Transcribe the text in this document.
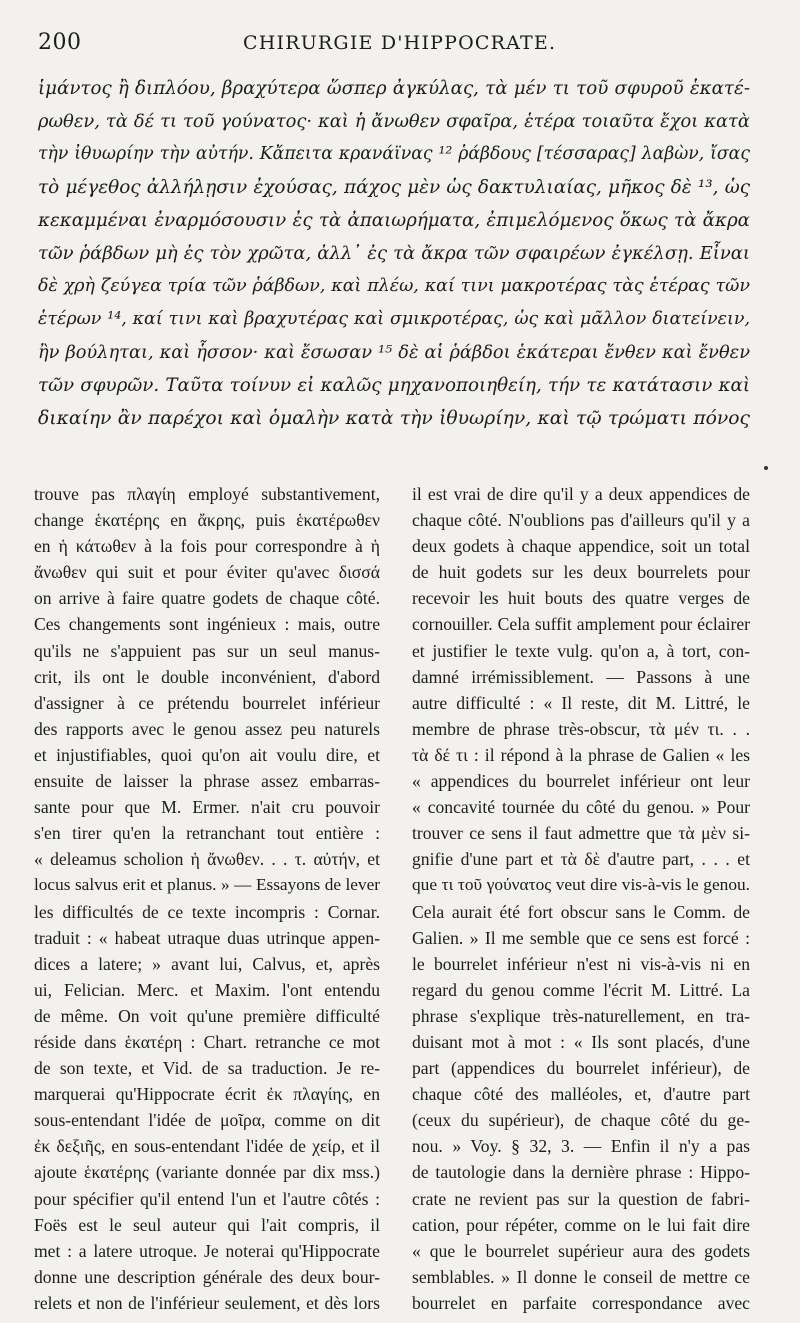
200	CHIRURGIE D'HIPPOCRATE.
ἱμάντος ἢ διπλόου, βραχύτερα ὥσπερ ἀγκύλας, τὰ μέν τι τοῦ σφυροῦ ἑκατέ-
ρωθεν, τὰ δέ τι τοῦ γούνατος· καὶ ἡ ἄνωθεν σφαῖρα, ἑτέρα τοιαῦτα ἔχοι κατὰ
τὴν ἰθυωρίην τὴν αὐτήν. Κἄπειτα κρανάϊνας ¹² ῥάβδους [τέσσαρας] λαβὼν, ἴσας
τὸ μέγεθος ἀλλήλῃσιν ἐχούσας, πάχος μὲν ὡς δακτυλιαίας, μῆκος δὲ ¹³, ὡς
κεκαμμέναι ἐναρμόσουσιν ἐς τὰ ἀπαιωρήματα, ἐπιμελόμενος ὅκως τὰ ἄκρα
τῶν ῥάβδων μὴ ἐς τὸν χρῶτα, ἀλλ᾽ ἐς τὰ ἄκρα τῶν σφαιρέων ἐγκέλσῃ. Εἶναι
δὲ χρὴ ζεύγεα τρία τῶν ῥάβδων, καὶ πλέω, καί τινι μακροτέρας τὰς ἑτέρας τῶν
ἑτέρων ¹⁴, καί τινι καὶ βραχυτέρας καὶ σμικροτέρας, ὡς καὶ μᾶλλον διατείνειν,
ἢν βούληται, καὶ ἧσσον· καὶ ἔσωσαν ¹⁵ δὲ αἱ ῥάβδοι ἑκάτεραι ἔνθεν καὶ ἔνθεν
τῶν σφυρῶν. Ταῦτα τοίνυν εἰ καλῶς μηχανοποιηθείη, τήν τε κατάτασιν καὶ
δικαίην ἂν παρέχοι καὶ ὁμαλὴν κατὰ τὴν ἰθυωρίην, καὶ τῷ τρώματι πόνος
trouve pas πλαγίη employé substantivement,
change ἑκατέρης en ἄκρης, puis ἑκατέρωθεν
en ἡ κάτωθεν à la fois pour correspondre à ἡ
ἄνωθεν qui suit et pour éviter qu'avec δισσά
on arrive à faire quatre godets de chaque côté.
Ces changements sont ingénieux : mais, outre
qu'ils ne s'appuient pas sur un seul manus-
crit, ils ont le double inconvénient, d'abord
d'assigner à ce prétendu bourrelet inférieur
des rapports avec le genou assez peu naturels
et injustifiables, quoi qu'on ait voulu dire, et
ensuite de laisser la phrase assez embarras-
sante pour que M. Ermer. n'ait cru pouvoir
s'en tirer qu'en la retranchant tout entière :
« deleamus scholion ἡ ἄνωθεν. . . τ. αὐτήν, et
locus salvus erit et planus. » — Essayons de lever
les difficultés de ce texte incompris : Cornar.
traduit : « habeat utraque duas utrinque appen-
dices a latere; » avant lui, Calvus, et, après
ui, Felician. Merc. et Maxim. l'ont entendu
de même. On voit qu'une première difficulté
réside dans ἑκατέρη : Chart. retranche ce mot
de son texte, et Vid. de sa traduction. Je re-
marquerai qu'Hippocrate écrit ἐκ πλαγίης, en
sous-entendant l'idée de μοῖρα, comme on dit
ἐκ δεξιῆς, en sous-entendant l'idée de χείρ, et il
ajoute ἑκατέρης (variante donnée par dix mss.)
pour spécifier qu'il entend l'un et l'autre côtés :
Foës est le seul auteur qui l'ait compris, il
met : a latere utroque. Je noterai qu'Hippocrate
donne une description générale des deux bour-
relets et non de l'inférieur seulement, et dès lors
il est vrai de dire qu'il y a deux appendices de
chaque côté. N'oublions pas d'ailleurs qu'il y a
deux godets à chaque appendice, soit un total
de huit godets sur les deux bourrelets pour
recevoir les huit bouts des quatre verges de
cornouiller. Cela suffit amplement pour éclairer
et justifier le texte vulg. qu'on a, à tort, con-
damné irrémissiblement. — Passons à une
autre difficulté : « Il reste, dit M. Littré, le
membre de phrase très-obscur, τὰ μέν τι. . .
τὰ δέ τι : il répond à la phrase de Galien « les
« appendices du bourrelet inférieur ont leur
« concavité tournée du côté du genou. » Pour
trouver ce sens il faut admettre que τὰ μὲν si-
gnifie d'une part et τὰ δὲ d'autre part, . . . et
que τι τοῦ γούνατος veut dire vis-à-vis le genou.
Cela aurait été fort obscur sans le Comm. de
Galien. » Il me semble que ce sens est forcé :
le bourrelet inférieur n'est ni vis-à-vis ni en
regard du genou comme l'écrit M. Littré. La
phrase s'explique très-naturellement, en tra-
duisant mot à mot : « Ils sont placés, d'une
part (appendices du bourrelet inférieur), de
chaque côté des malléoles, et, d'autre part
(ceux du supérieur), de chaque côté du ge-
nou. » Voy. § 32, 3. — Enfin il n'y a pas
de tautologie dans la dernière phrase : Hippo-
crate ne revient pas sur la question de fabri-
cation, pour répéter, comme on le lui fait dire
« que le bourrelet supérieur aura des godets
semblables. » Il donne le conseil de mettre ce
bourrelet en parfaite correspondance avec
